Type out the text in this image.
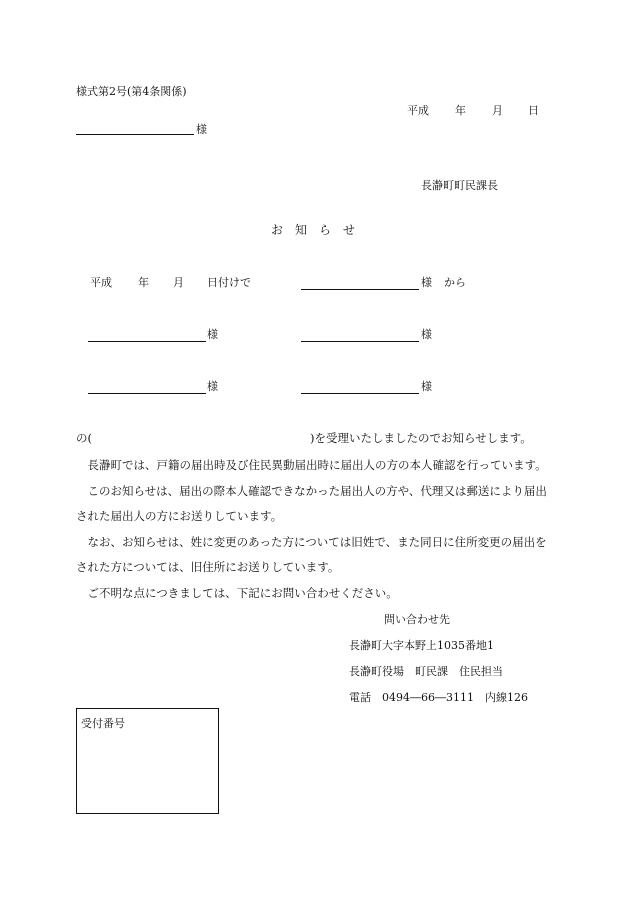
様式第2号(第4条関係)
平成 年 月 日
様
長瀞町町民課長
お　知　ら　せ
平成 年 月 日付けで	様 から
様	様
様	様
の(	)を受理いたしましたのでお知らせします。

長瀞町では、戸籍の届出時及び住民異動届出時に届出人の方の本人確認を行っています。

このお知らせは、届出の際本人確認できなかった届出人の方や、代理又は郵送により届出された届出人の方にお送りしています。

なお、お知らせは、姓に変更のあった方については旧姓で、また同日に住所変更の届出をされた方については、旧住所にお送りしています。

ご不明な点につきましては、下記にお問い合わせください。

問い合わせ先
長瀞町大字本野上1035番地1
長瀞町役場　町民課　住民担当
電話　0494―66―3111　内線126
受付番号
